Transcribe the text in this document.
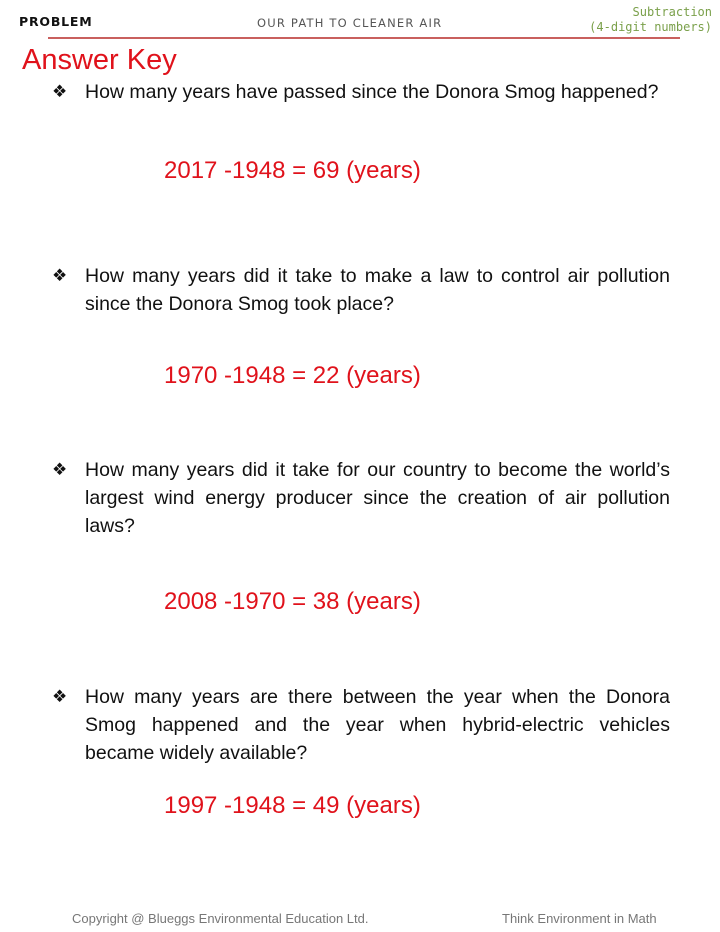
PROBLEM	OUR PATH TO CLEANER AIR
Subtraction
(4-digit numbers)
Answer Key
❖ How many years have passed since the Donora Smog happened?
2017 -1948 = 69 (years)
❖ How many years did it take to make a law to control air pollution since the Donora Smog took place?
1970 -1948 = 22 (years)
❖ How many years did it take for our country to become the world’s largest wind energy producer since the creation of air pollution laws?
2008 -1970 = 38 (years)
❖ How many years are there between the year when the Donora Smog happened and the year when hybrid-electric vehicles became widely available?
1997 -1948 = 49 (years)
Copyright @ Blueggs Environmental Education Ltd.	Think Environment in Math
